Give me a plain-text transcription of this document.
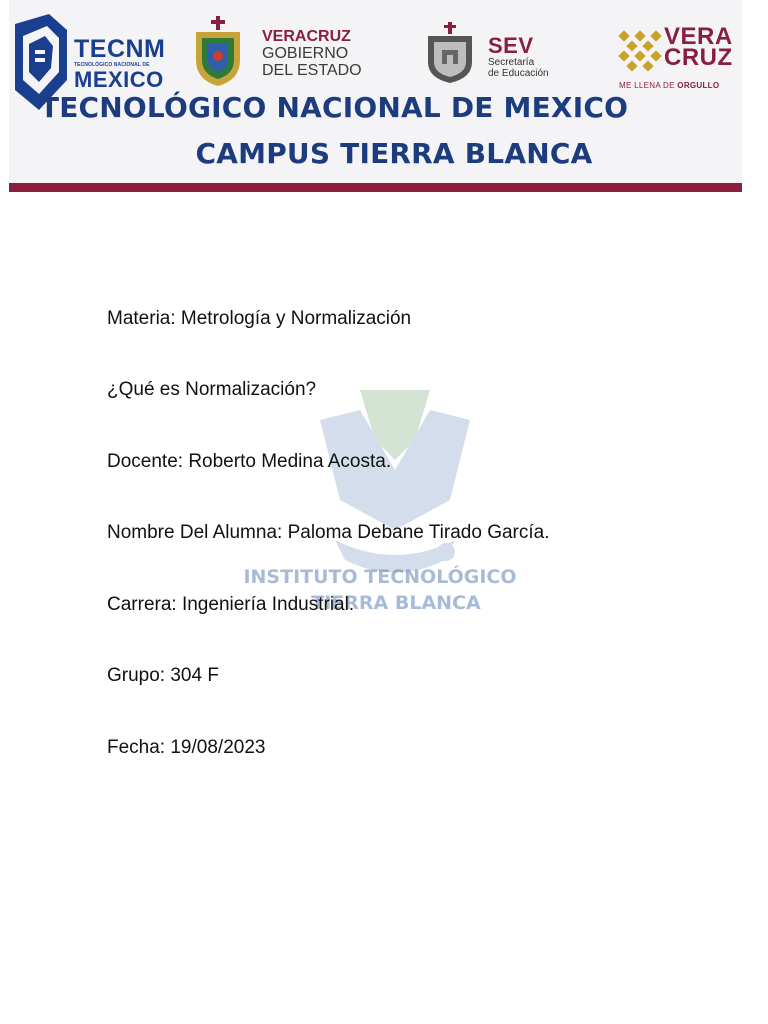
TECNM
TECNOLÓGICO NACIONAL DE
MEXICO
VERACRUZ
GOBIERNO
DEL ESTADO
SEV
Secretaría
de Educación
VERA
CRUZ
ME LLENA DE ORGULLO
TECNOLÓGICO NACIONAL DE MEXICO
CAMPUS TIERRA BLANCA
INSTITUTO TECNOLÓGICO
TIERRA BLANCA
Materia: Metrología y Normalización
¿Qué es Normalización?
Docente: Roberto Medina Acosta.
Nombre Del Alumna: Paloma Debane Tirado García.
Carrera: Ingeniería Industrial.
Grupo: 304 F
Fecha: 19/08/2023
